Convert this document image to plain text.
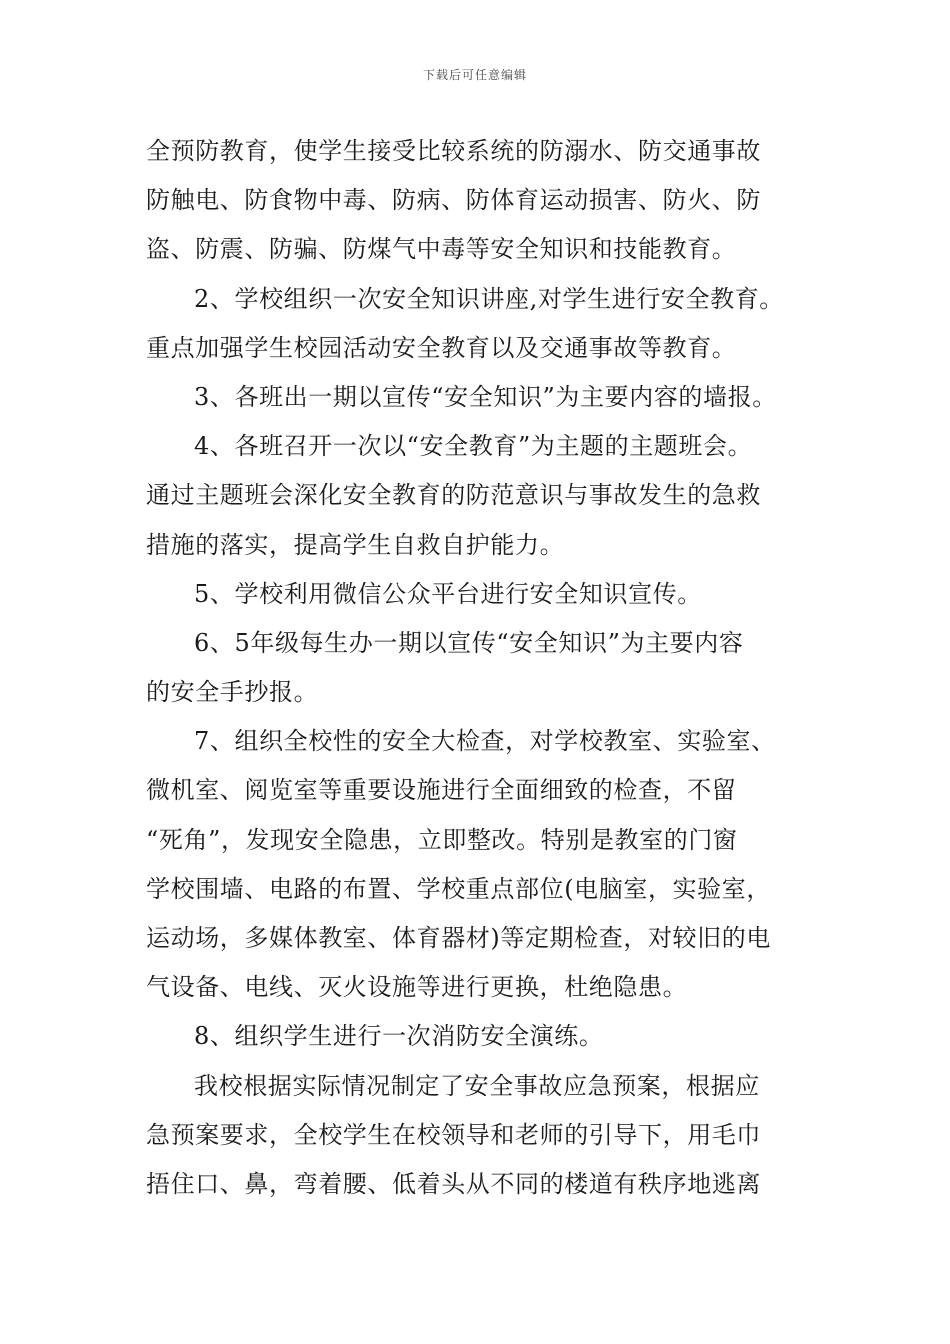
下载后可任意编辑
全预防教育，使学生接受比较系统的防溺水、防交通事故
防触电、防食物中毒、防病、防体育运动损害、防火、防
盗、防震、防骗、防煤气中毒等安全知识和技能教育。
2、学校组织一次安全知识讲座,对学生进行安全教育。
重点加强学生校园活动安全教育以及交通事故等教育。
3、各班出一期以宣传“安全知识”为主要内容的墙报。
4、各班召开一次以“安全教育”为主题的主题班会。
通过主题班会深化安全教育的防范意识与事故发生的急救
措施的落实，提高学生自救自护能力。
5、学校利用微信公众平台进行安全知识宣传。
6、5年级每生办一期以宣传“安全知识”为主要内容
的安全手抄报。
7、组织全校性的安全大检查，对学校教室、实验室、
微机室、阅览室等重要设施进行全面细致的检查，不留
“死角”，发现安全隐患，立即整改。特别是教室的门窗
学校围墙、电路的布置、学校重点部位(电脑室，实验室，
运动场，多媒体教室、体育器材)等定期检查，对较旧的电
气设备、电线、灭火设施等进行更换，杜绝隐患。
8、组织学生进行一次消防安全演练。
我校根据实际情况制定了安全事故应急预案，根据应
急预案要求，全校学生在校领导和老师的引导下，用毛巾
捂住口、鼻，弯着腰、低着头从不同的楼道有秩序地逃离
